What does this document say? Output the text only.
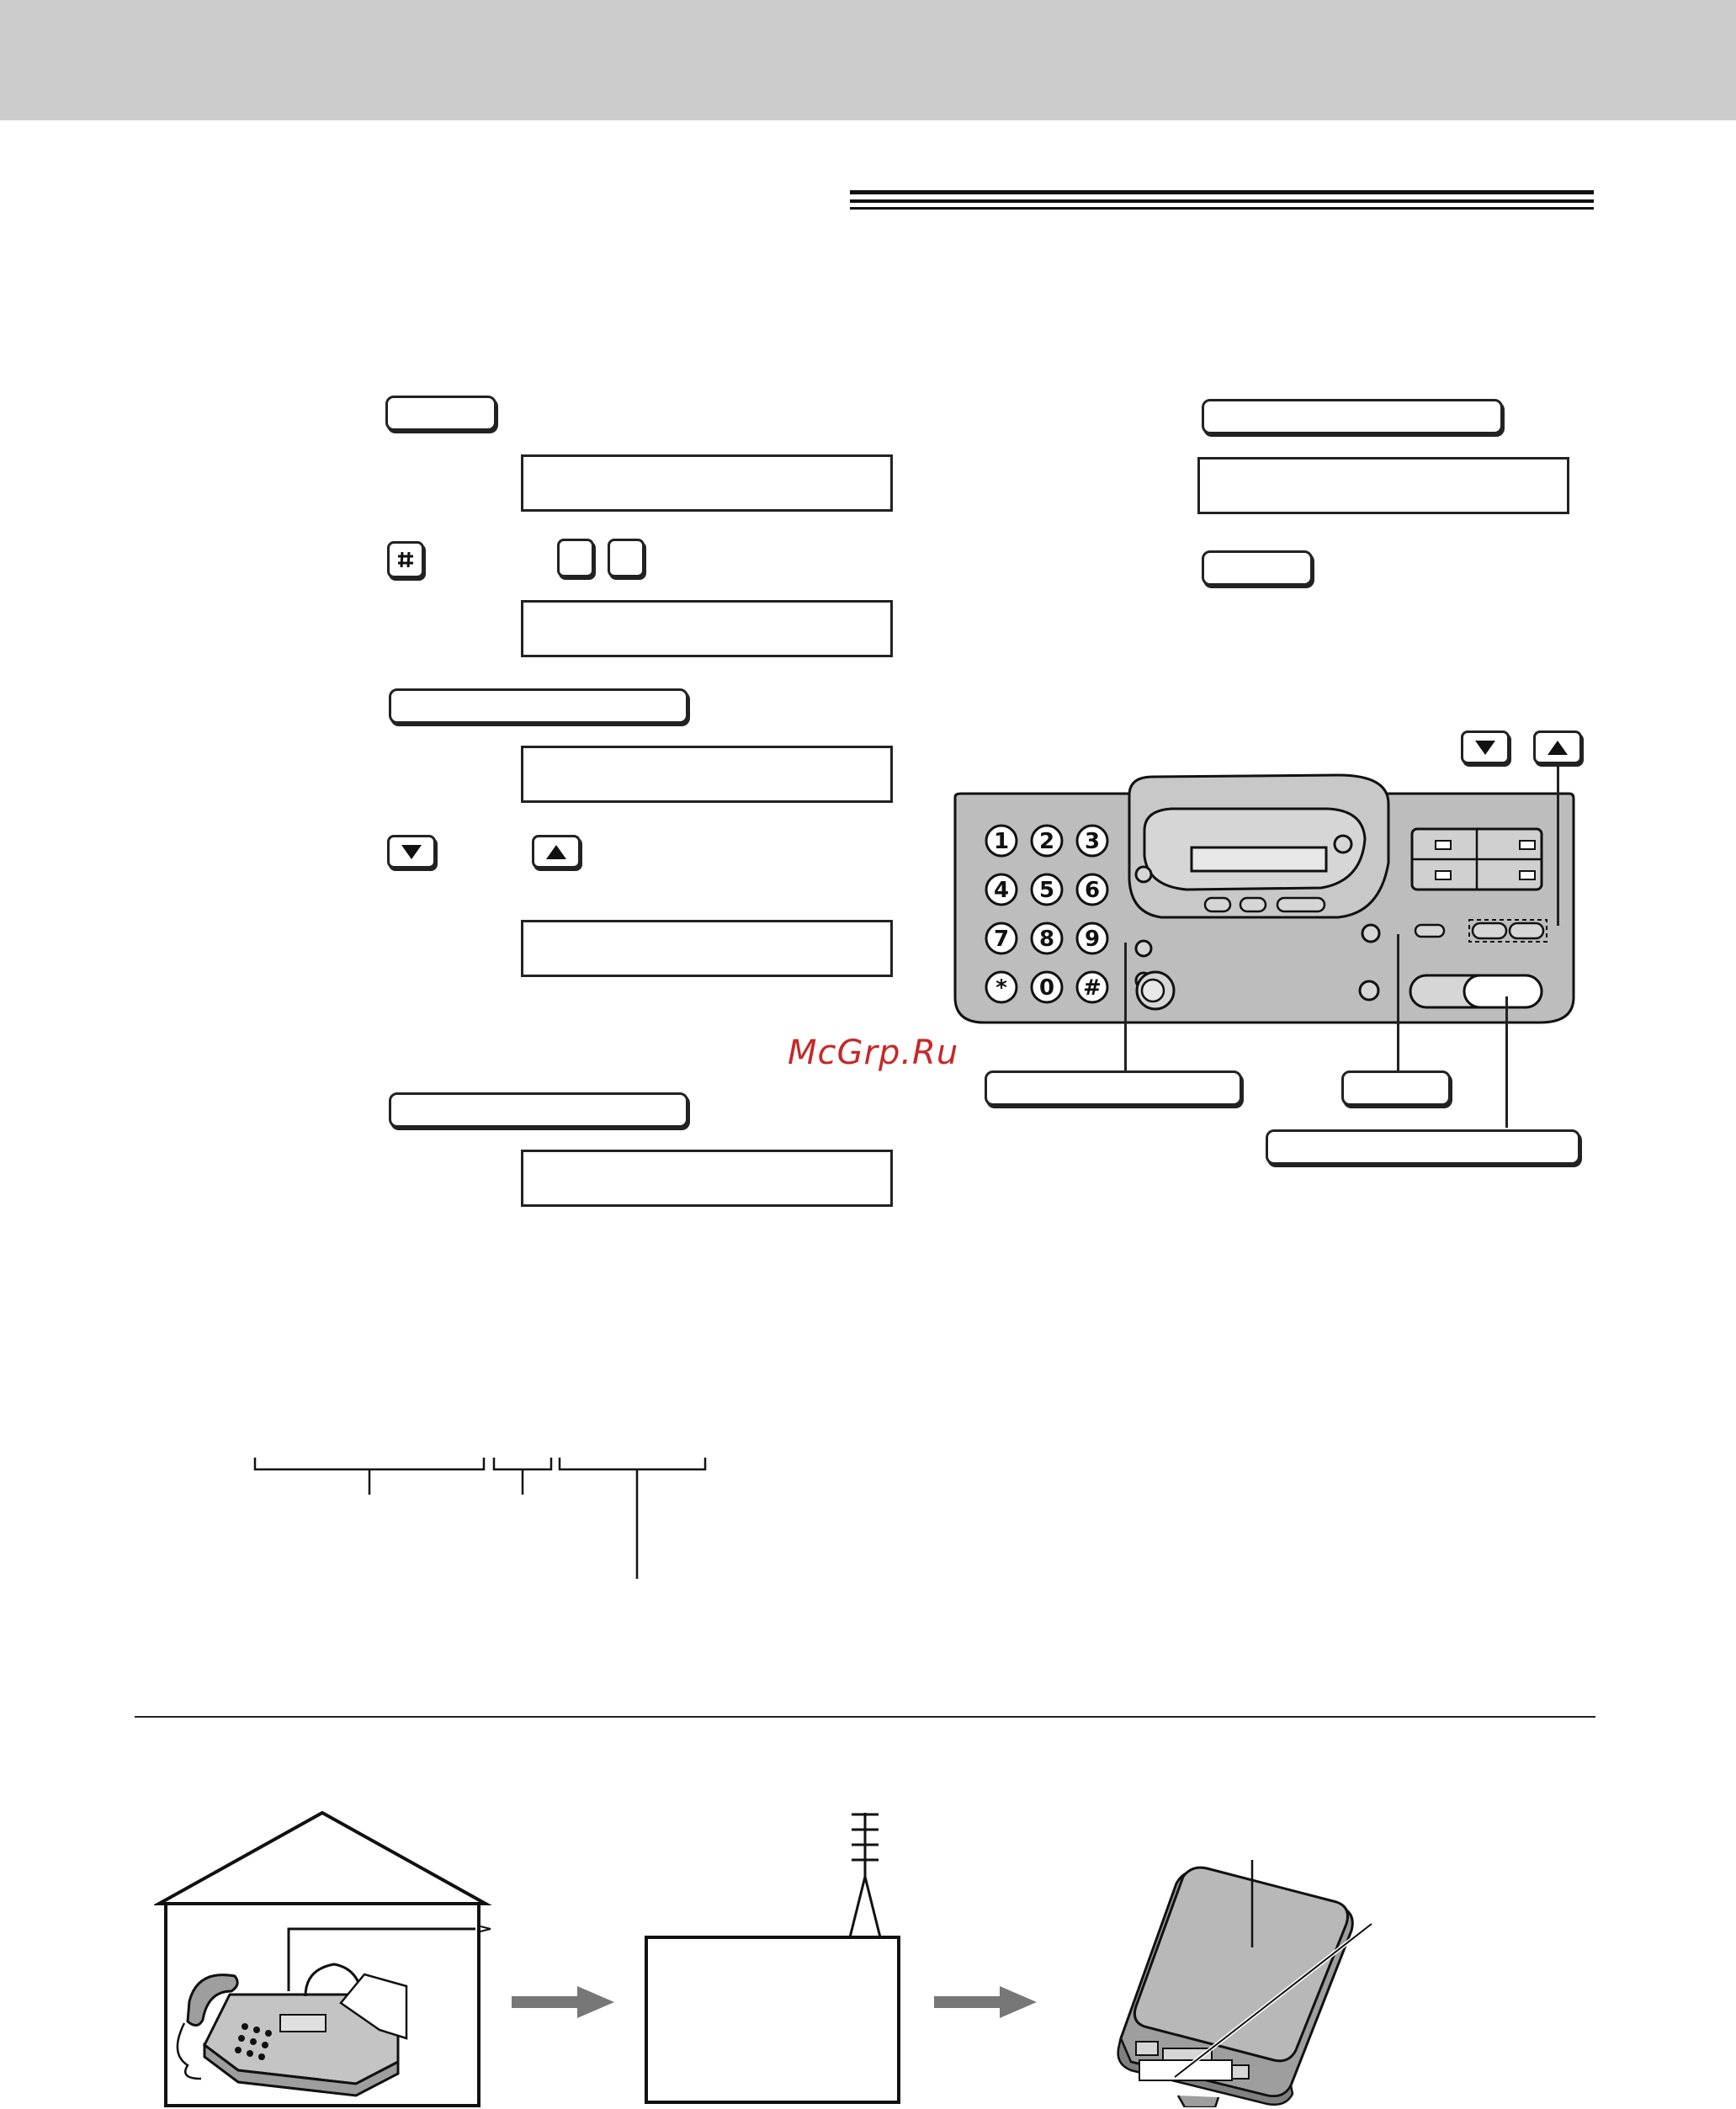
1 2 3
4 5 6
7 8 9
* 0 #
McGrp.Ru
